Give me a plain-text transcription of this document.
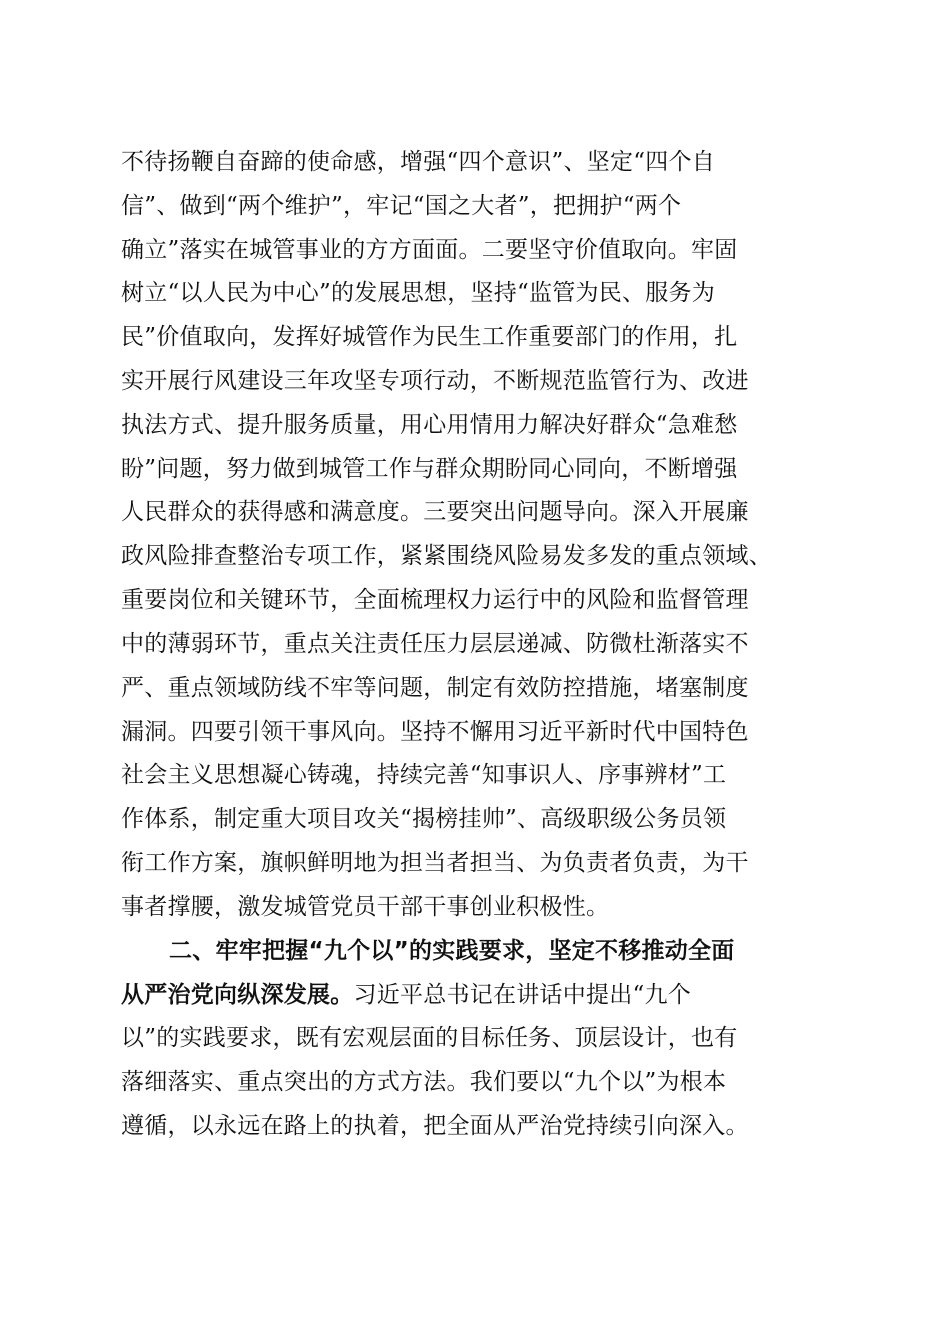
不待扬鞭自奋蹄的使命感，增强“四个意识”、坚定“四个自
信”、做到“两个维护”，牢记“国之大者”，把拥护“两个
确立”落实在城管事业的方方面面。二要坚守价值取向。牢固
树立“以人民为中心”的发展思想，坚持“监管为民、服务为
民”价值取向，发挥好城管作为民生工作重要部门的作用，扎
实开展行风建设三年攻坚专项行动，不断规范监管行为、改进
执法方式、提升服务质量，用心用情用力解决好群众“急难愁
盼”问题，努力做到城管工作与群众期盼同心同向，不断增强
人民群众的获得感和满意度。三要突出问题导向。深入开展廉
政风险排查整治专项工作，紧紧围绕风险易发多发的重点领域、
重要岗位和关键环节，全面梳理权力运行中的风险和监督管理
中的薄弱环节，重点关注责任压力层层递减、防微杜渐落实不
严、重点领域防线不牢等问题，制定有效防控措施，堵塞制度
漏洞。四要引领干事风向。坚持不懈用习近平新时代中国特色
社会主义思想凝心铸魂，持续完善“知事识人、序事辨材”工
作体系，制定重大项目攻关“揭榜挂帅”、高级职级公务员领
衔工作方案，旗帜鲜明地为担当者担当、为负责者负责，为干
事者撑腰，激发城管党员干部干事创业积极性。
二、牢牢把握“九个以”的实践要求，坚定不移推动全面
从严治党向纵深发展。习近平总书记在讲话中提出“九个
以”的实践要求，既有宏观层面的目标任务、顶层设计，也有
落细落实、重点突出的方式方法。我们要以“九个以”为根本
遵循，以永远在路上的执着，把全面从严治党持续引向深入。
